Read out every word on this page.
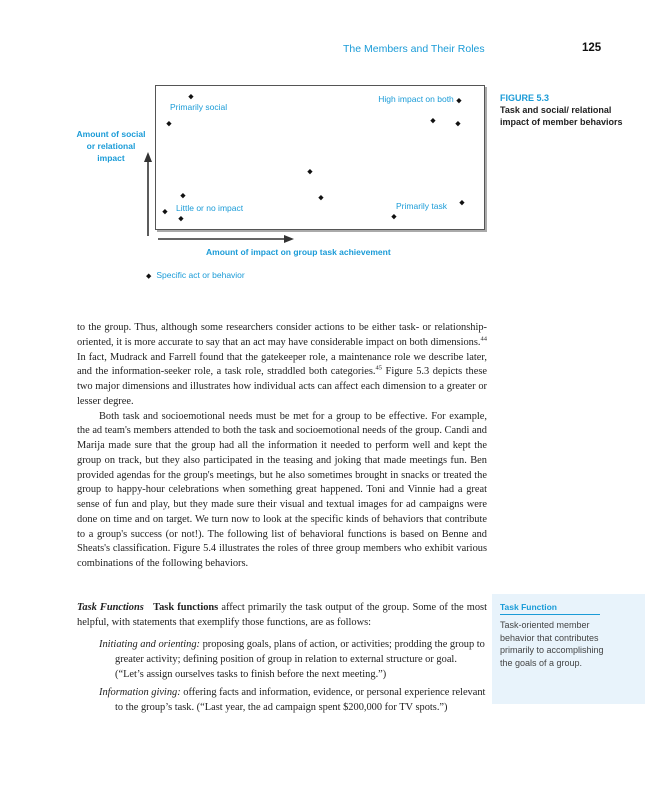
The Members and Their Roles	125
Amount of social or relational impact
Primarily social
High impact on both
Little or no impact	Primarily task
◆
◆
◆
◆	◆
◆
◆	◆
◆
◆
◆	◆
Amount of impact on group task achievement
◆ Specific act or behavior
FIGURE 5.3
Task and social/ relational impact of member behaviors

to the group. Thus, although some researchers consider actions to be either task- or relationship-oriented, it is more accurate to say that an act may have considerable impact on both dimensions.$^{44}$ In fact, Mudrack and Farrell found that the gatekeeper role, a maintenance role we describe later, and the information-seeker role, a task role, straddled both categories.$^{45}$ Figure 5.3 depicts these two major dimensions and illustrates how individual acts can affect each dimension to a greater or lesser degree.

Both task and socioemotional needs must be met for a group to be effective. For example, the ad team's members attended to both the task and socioemotional needs of the group. Candi and Marija made sure that the group had all the information it needed to perform well and kept the group on track, but they also participated in the teasing and joking that made meetings fun. Ben provided agendas for the group's meetings, but he also sometimes brought in snacks or treated the group to happy-hour celebrations when something great happened. Toni and Vinnie had a great sense of fun and play, but they made sure their visual and textual images for ad campaigns were done on time and on target. We turn now to look at the specific kinds of behaviors that contribute to a group's success (or not!). The following list of behavioral functions is based on Benne and Sheats's classification. Figure 5.4 illustrates the roles of three group members who exhibit various combinations of the following behaviors.

Task Functions Task functions affect primarily the task output of the group. Some of the most helpful, with statements that exemplify those functions, are as follows:

Initiating and orienting: proposing goals, plans of action, or activities; prodding the group to greater activity; defining position of group in relation to external structure or goal. (“Let’s assign ourselves tasks to finish before the next meeting.”)

Information giving: offering facts and information, evidence, or personal experience relevant to the group’s task. (“Last year, the ad campaign spent $200,000 for TV spots.”)

Task Function
Task-oriented member behavior that contributes primarily to accomplishing the goals of a group.
